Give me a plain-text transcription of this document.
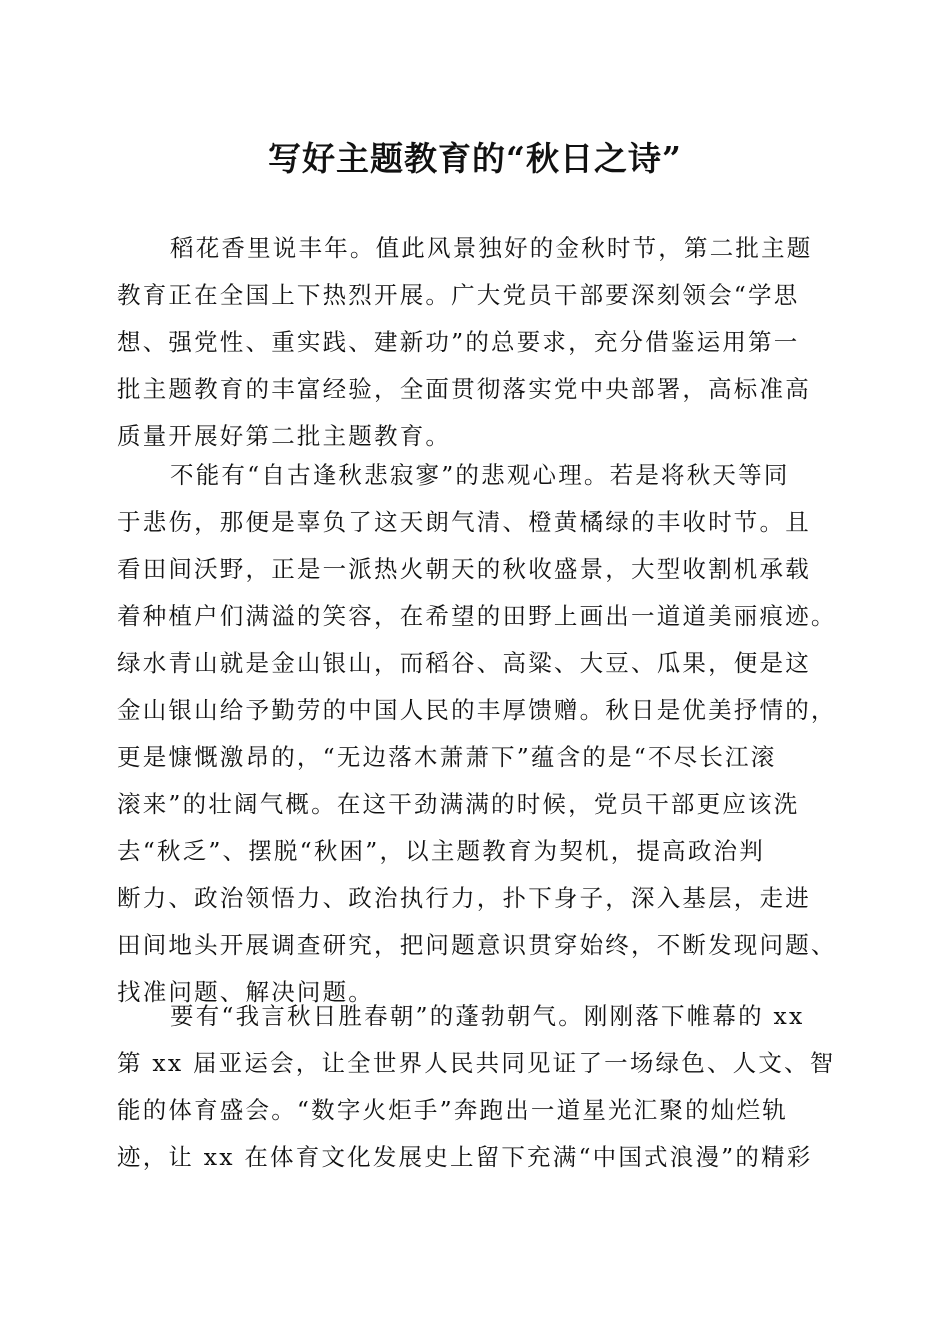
写好主题教育的“秋日之诗”
稻花香里说丰年。值此风景独好的金秋时节，第二批主题
教育正在全国上下热烈开展。广大党员干部要深刻领会“学思
想、强党性、重实践、建新功”的总要求，充分借鉴运用第一
批主题教育的丰富经验，全面贯彻落实党中央部署，高标准高
质量开展好第二批主题教育。
不能有“自古逢秋悲寂寥”的悲观心理。若是将秋天等同
于悲伤，那便是辜负了这天朗气清、橙黄橘绿的丰收时节。且
看田间沃野，正是一派热火朝天的秋收盛景，大型收割机承载
着种植户们满溢的笑容，在希望的田野上画出一道道美丽痕迹。
绿水青山就是金山银山，而稻谷、高粱、大豆、瓜果，便是这
金山银山给予勤劳的中国人民的丰厚馈赠。秋日是优美抒情的，
更是慷慨激昂的，“无边落木萧萧下”蕴含的是“不尽长江滚
滚来”的壮阔气概。在这干劲满满的时候，党员干部更应该洗
去“秋乏”、摆脱“秋困”，以主题教育为契机，提高政治判
断力、政治领悟力、政治执行力，扑下身子，深入基层，走进
田间地头开展调查研究，把问题意识贯穿始终，不断发现问题、
找准问题、解决问题。
要有“我言秋日胜春朝”的蓬勃朝气。刚刚落下帷幕的 xx
第 xx 届亚运会，让全世界人民共同见证了一场绿色、人文、智
能的体育盛会。“数字火炬手”奔跑出一道星光汇聚的灿烂轨
迹，让 xx 在体育文化发展史上留下充满“中国式浪漫”的精彩
